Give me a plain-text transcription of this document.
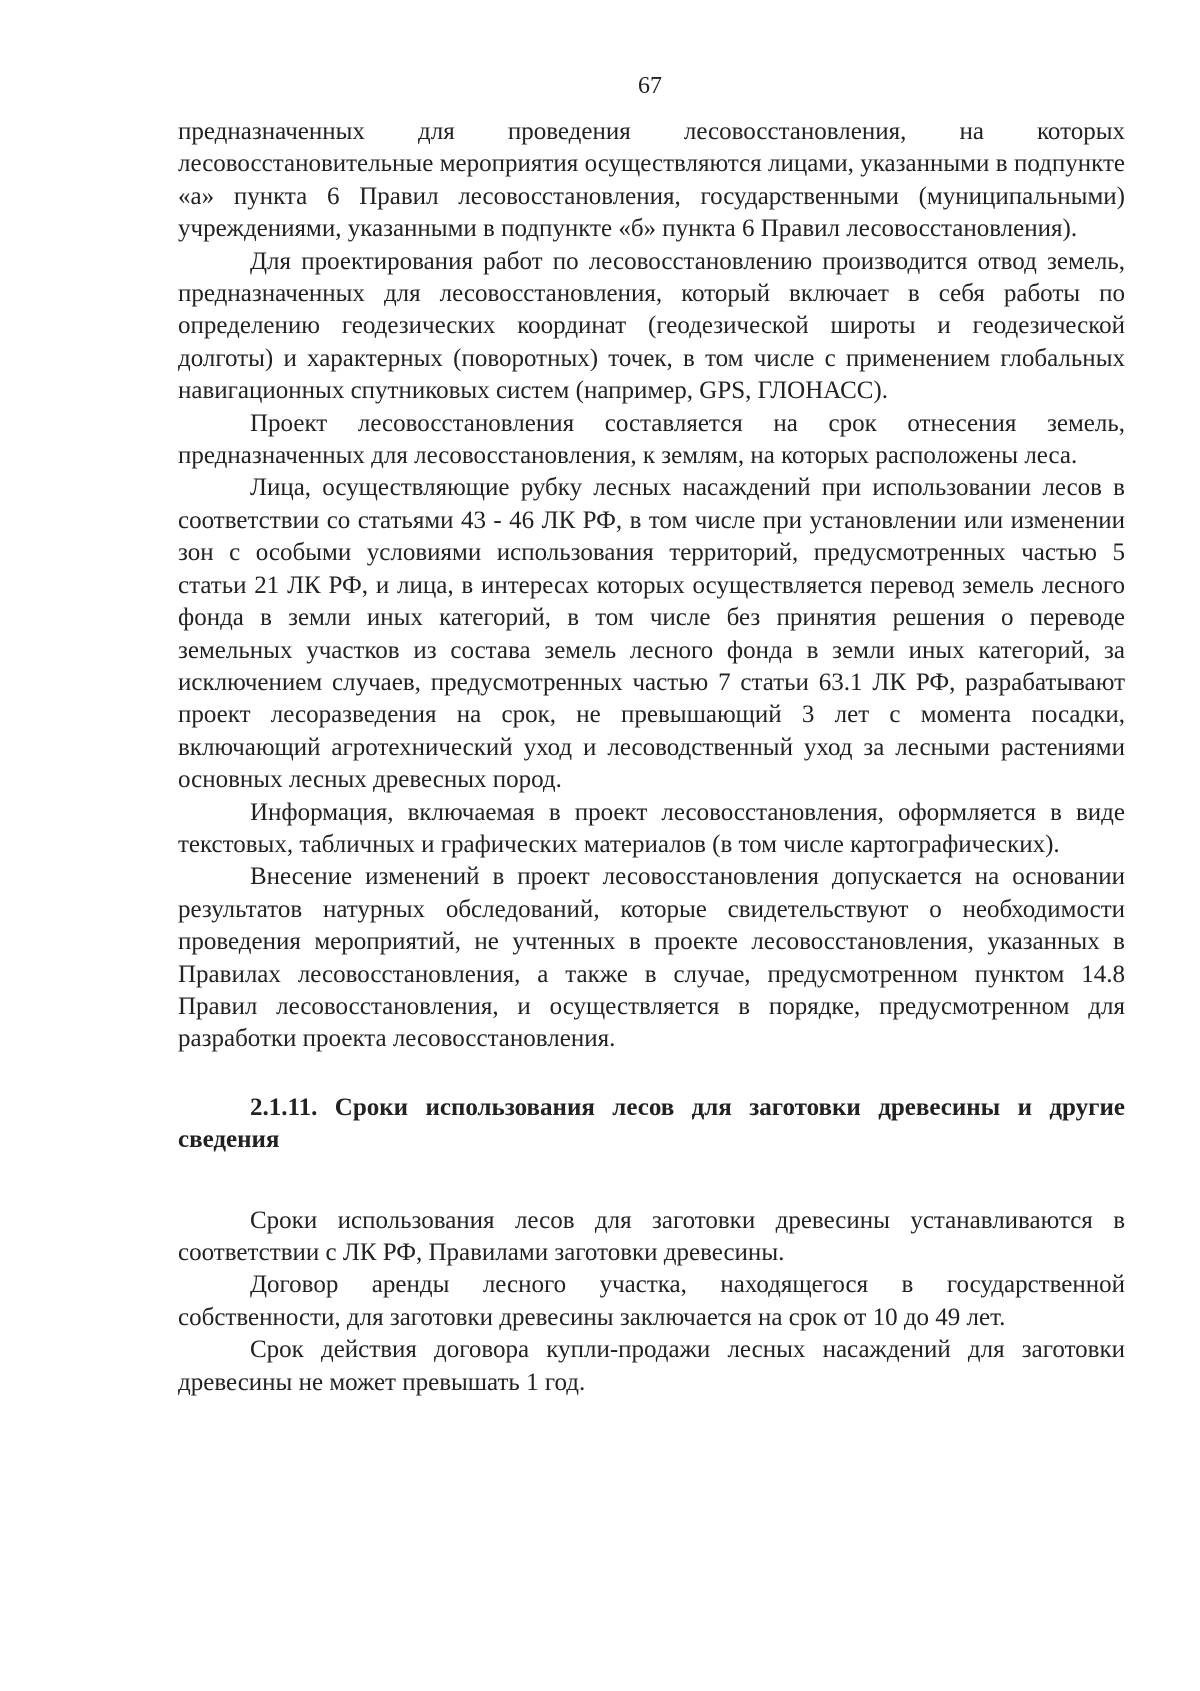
67

предназначенных для проведения лесовосстановления, на которых лесовосстановительные мероприятия осуществляются лицами, указанными в подпункте «а» пункта 6 Правил лесовосстановления, государственными (муниципальными) учреждениями, указанными в подпункте «б» пункта 6 Правил лесовосстановления).

Для проектирования работ по лесовосстановлению производится отвод земель, предназначенных для лесовосстановления, который включает в себя работы по определению геодезических координат (геодезической широты и геодезической долготы) и характерных (поворотных) точек, в том числе с применением глобальных навигационных спутниковых систем (например, GPS, ГЛОНАСС).

Проект лесовосстановления составляется на срок отнесения земель, предназначенных для лесовосстановления, к землям, на которых расположены леса.

Лица, осуществляющие рубку лесных насаждений при использовании лесов в соответствии со статьями 43 - 46 ЛК РФ, в том числе при установлении или изменении зон с особыми условиями использования территорий, предусмотренных частью 5 статьи 21 ЛК РФ, и лица, в интересах которых осуществляется перевод земель лесного фонда в земли иных категорий, в том числе без принятия решения о переводе земельных участков из состава земель лесного фонда в земли иных категорий, за исключением случаев, предусмотренных частью 7 статьи 63.1 ЛК РФ, разрабатывают проект лесоразведения на срок, не превышающий 3 лет с момента посадки, включающий агротехнический уход и лесоводственный уход за лесными растениями основных лесных древесных пород.

Информация, включаемая в проект лесовосстановления, оформляется в виде текстовых, табличных и графических материалов (в том числе картографических).

Внесение изменений в проект лесовосстановления допускается на основании результатов натурных обследований, которые свидетельствуют о необходимости проведения мероприятий, не учтенных в проекте лесовосстановления, указанных в Правилах лесовосстановления, а также в случае, предусмотренном пунктом 14.8 Правил лесовосстановления, и осуществляется в порядке, предусмотренном для разработки проекта лесовосстановления.

2.1.11. Сроки использования лесов для заготовки древесины и другие сведения

Сроки использования лесов для заготовки древесины устанавливаются в соответствии с ЛК РФ, Правилами заготовки древесины.

Договор аренды лесного участка, находящегося в государственной собственности, для заготовки древесины заключается на срок от 10 до 49 лет.

Срок действия договора купли-продажи лесных насаждений для заготовки древесины не может превышать 1 год.
